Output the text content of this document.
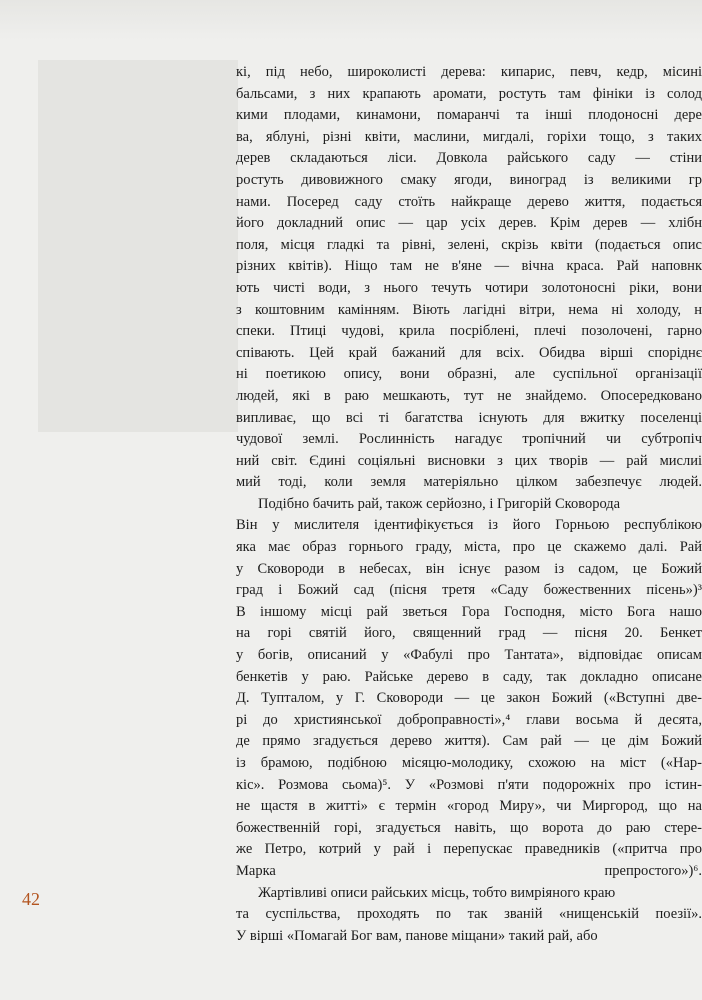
кі, під небо, широколисті дерева: кипарис, певч, кедр, місині
бальсами, з них крапають аромати, ростуть там фініки із солод
кими плодами, кинамони, помаранчі та інші плодоносні дере
ва, яблуні, різні квіти, маслини, мигдалі, горіхи тощо, з таких
дерев складаються ліси. Довкола райського саду — стіни
ростуть дивовижного смаку ягоди, виноград із великими гр
нами. Посеред саду стоїть найкраще дерево життя, подається
його докладний опис — цар усіх дерев. Крім дерев — хлібн
поля, місця гладкі та рівні, зелені, скрізь квіти (подається опис
різних квітів). Ніщо там не в'яне — вічна краса. Рай наповнк
ють чисті води, з нього течуть чотири золотоносні ріки, вони
з коштовним камінням. Віють лагідні вітри, нема ні холоду, н
спеки. Птиці чудові, крила посріблені, плечі позолочені, гарно
співають. Цей край бажаний для всіх. Обидва вірші споріднє
ні поетикою опису, вони образні, але суспільної організації
людей, які в раю мешкають, тут не знайдемо. Опосередковано
випливає, що всі ті багатства існують для вжитку поселенці
чудової землі. Рослинність нагадує тропічний чи субтропіч
ний світ. Єдині соціяльні висновки з цих творів — рай мислиі
мий тоді, коли земля матеріяльно цілком забезпечує людей.
Подібно бачить рай, також серйозно, і Григорій Сковорода
Він у мислителя ідентифікується із його Горньою республікою
яка має образ горнього граду, міста, про це скажемо далі. Рай
у Сковороди в небесах, він існує разом із садом, це Божий
град і Божий сад (пісня третя «Саду божественних пісень»)³
В іншому місці рай зветься Гора Господня, місто Бога нашо
на горі святій його, священний град — пісня 20. Бенкет
у богів, описаний у «Фабулі про Тантата», відповідає описам
бенкетів у раю. Райське дерево в саду, так докладно описане
Д. Тупталом, у Г. Сковороди — це закон Божий («Вступні две-
рі до християнської доброправності»,⁴ глави восьма й десята,
де прямо згадується дерево життя). Сам рай — це дім Божий
із брамою, подібною місяцю-молодику, схожою на міст («Нар-
кіс». Розмова сьома)⁵. У «Розмові п'яти подорожніх про істин-
не щастя в житті» є термін «город Миру», чи Миргород, що на
божественній горі, згадується навіть, що ворота до раю стере-
же Петро, котрий у рай і перепускає праведників («притча про
Марка препростого»)⁶.
Жартівливі описи райських місць, тобто вимріяного краю
та суспільства, проходять по так званій «нищенській поезії».
У вірші «Помагай Бог вам, панове міщани» такий рай, або
42
